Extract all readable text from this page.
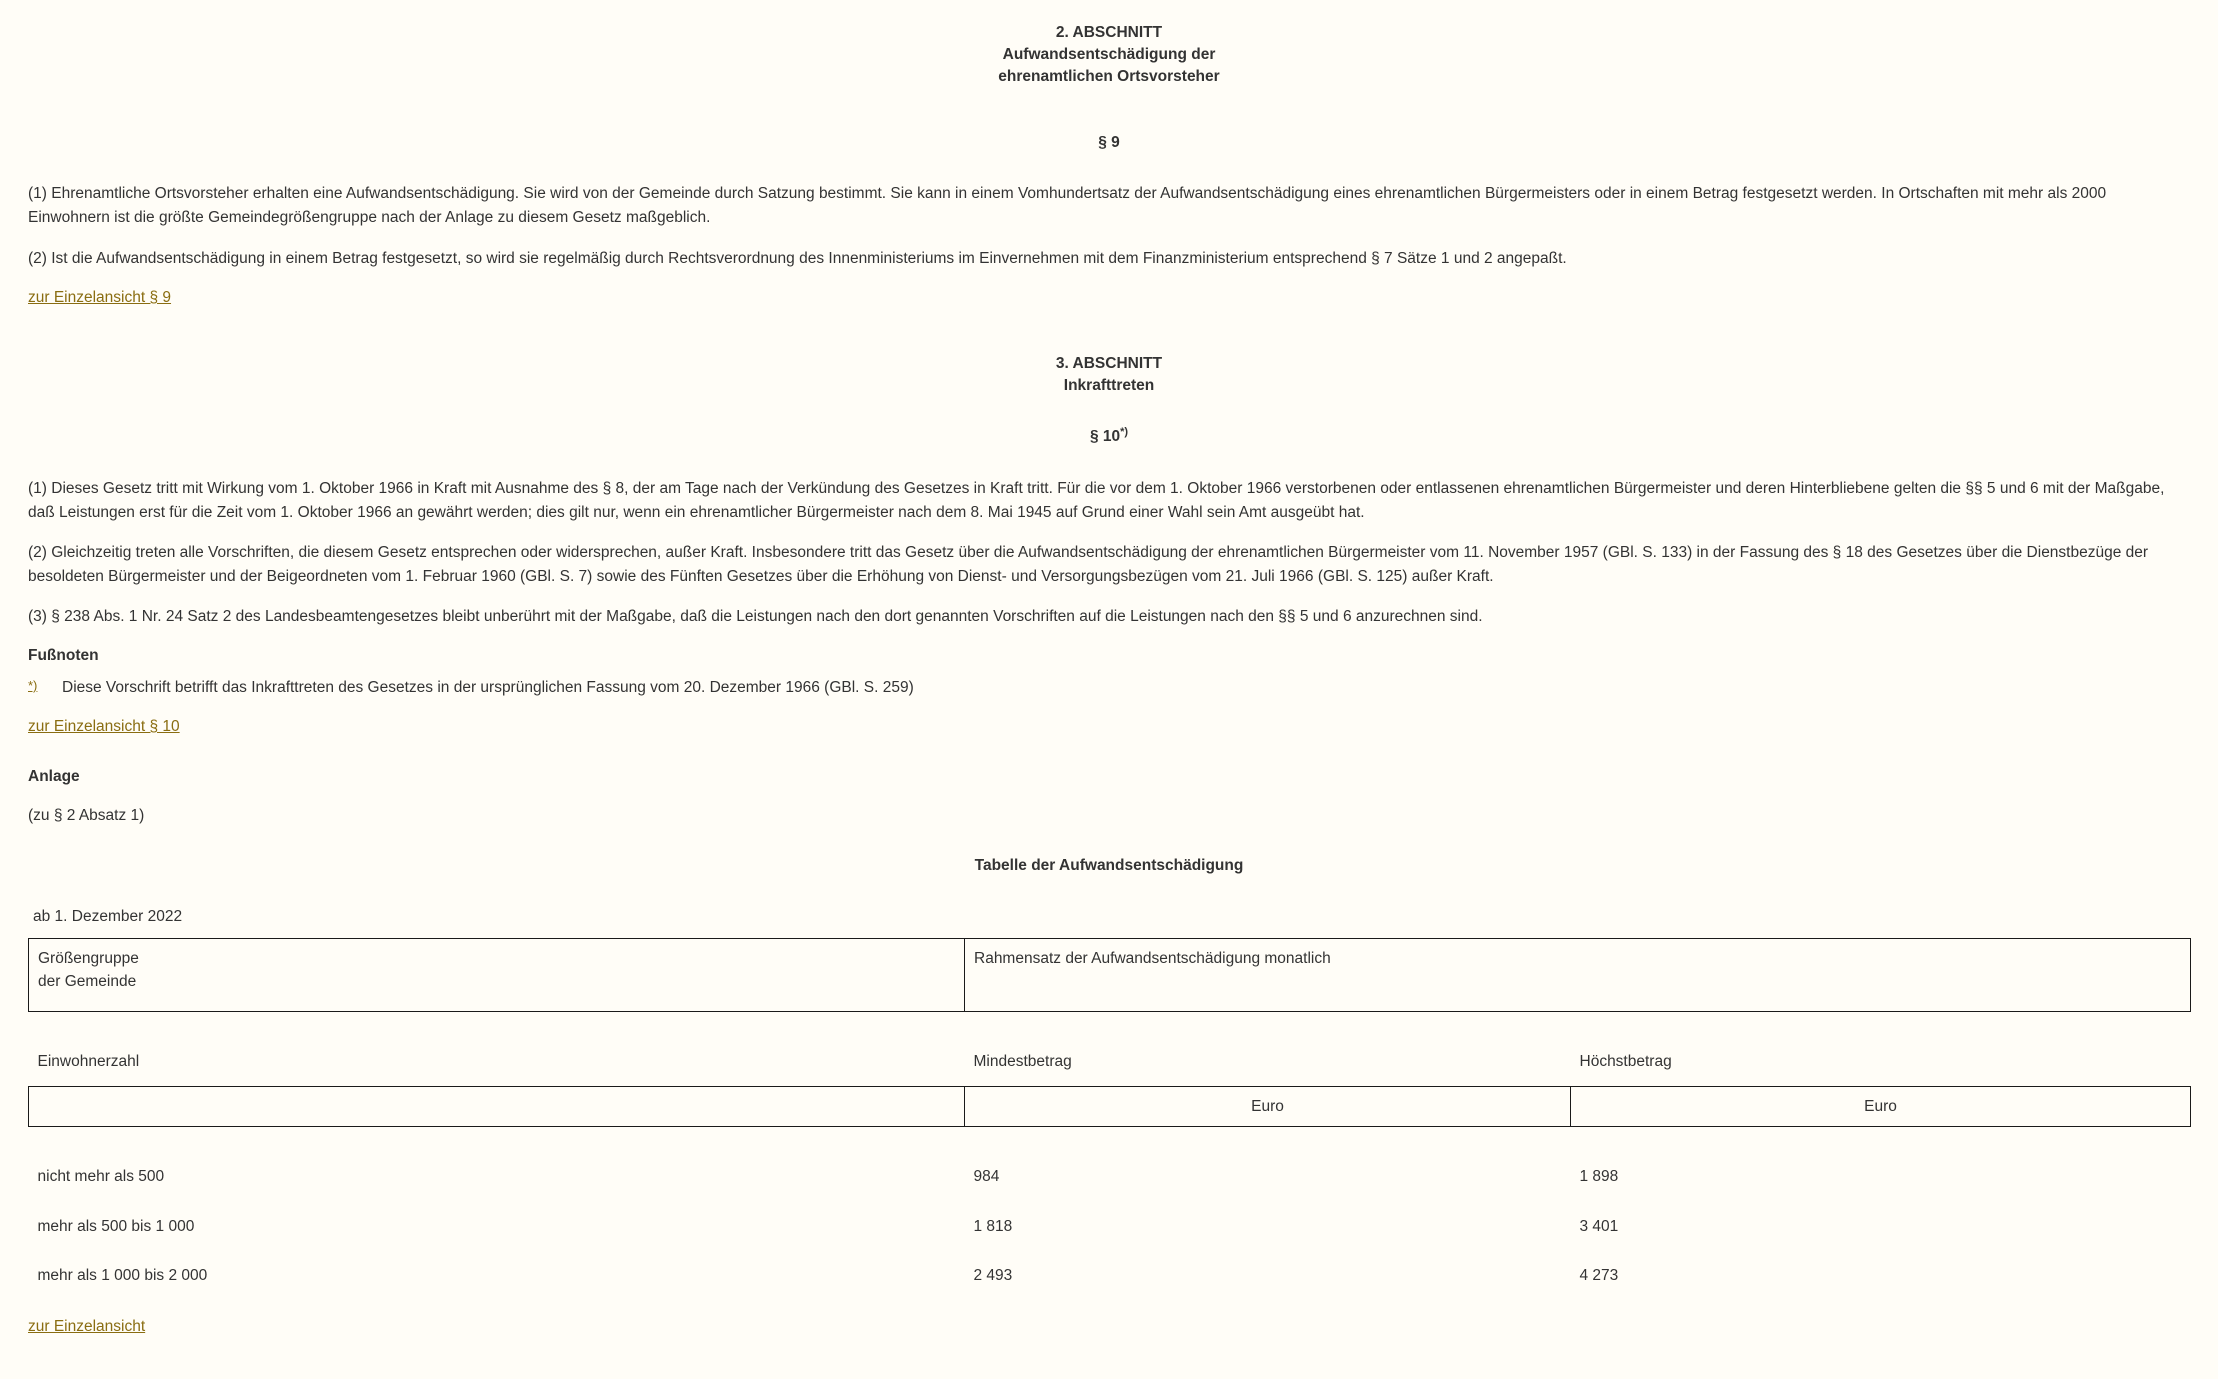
2. ABSCHNITT
Aufwandsentschädigung der
ehrenamtlichen Ortsvorsteher
§ 9

(1) Ehrenamtliche Ortsvorsteher erhalten eine Aufwandsentschädigung. Sie wird von der Gemeinde durch Satzung bestimmt. Sie kann in einem Vomhundertsatz der Aufwandsentschädigung eines ehrenamtlichen Bürgermeisters oder in einem Betrag festgesetzt werden. In Ortschaften mit mehr als 2000 Einwohnern ist die größte Gemeindegrößengruppe nach der Anlage zu diesem Gesetz maßgeblich.

(2) Ist die Aufwandsentschädigung in einem Betrag festgesetzt, so wird sie regelmäßig durch Rechtsverordnung des Innenministeriums im Einvernehmen mit dem Finanzministerium entsprechend § 7 Sätze 1 und 2 angepaßt.

zur Einzelansicht § 9
3. ABSCHNITT
Inkrafttreten
§ 10*)

(1) Dieses Gesetz tritt mit Wirkung vom 1. Oktober 1966 in Kraft mit Ausnahme des § 8, der am Tage nach der Verkündung des Gesetzes in Kraft tritt. Für die vor dem 1. Oktober 1966 verstorbenen oder entlassenen ehrenamtlichen Bürgermeister und deren Hinterbliebene gelten die §§ 5 und 6 mit der Maßgabe, daß Leistungen erst für die Zeit vom 1. Oktober 1966 an gewährt werden; dies gilt nur, wenn ein ehrenamtlicher Bürgermeister nach dem 8. Mai 1945 auf Grund einer Wahl sein Amt ausgeübt hat.

(2) Gleichzeitig treten alle Vorschriften, die diesem Gesetz entsprechen oder widersprechen, außer Kraft. Insbesondere tritt das Gesetz über die Aufwandsentschädigung der ehrenamtlichen Bürgermeister vom 11. November 1957 (GBl. S. 133) in der Fassung des § 18 des Gesetzes über die Dienstbezüge der besoldeten Bürgermeister und der Beigeordneten vom 1. Februar 1960 (GBl. S. 7) sowie des Fünften Gesetzes über die Erhöhung von Dienst- und Versorgungsbezügen vom 21. Juli 1966 (GBl. S. 125) außer Kraft.

(3) § 238 Abs. 1 Nr. 24 Satz 2 des Landesbeamtengesetzes bleibt unberührt mit der Maßgabe, daß die Leistungen nach den dort genannten Vorschriften auf die Leistungen nach den §§ 5 und 6 anzurechnen sind.

Fußnoten
*)	Diese Vorschrift betrifft das Inkrafttreten des Gesetzes in der ursprünglichen Fassung vom 20. Dezember 1966 (GBl. S. 259)
zur Einzelansicht § 10
Anlage
(zu § 2 Absatz 1)
Tabelle der Aufwandsentschädigung
ab 1. Dezember 2022
Größengruppe
der Gemeinde	Rahmensatz der Aufwandsentschädigung monatlich	

Einwohnerzahl	Mindestbetrag	Höchstbetrag
	Euro	Euro

nicht mehr als 500	984	1 898
mehr als 500 bis 1 000	1 818	3 401
mehr als 1 000 bis 2 000	2 493	4 273
zur Einzelansicht
